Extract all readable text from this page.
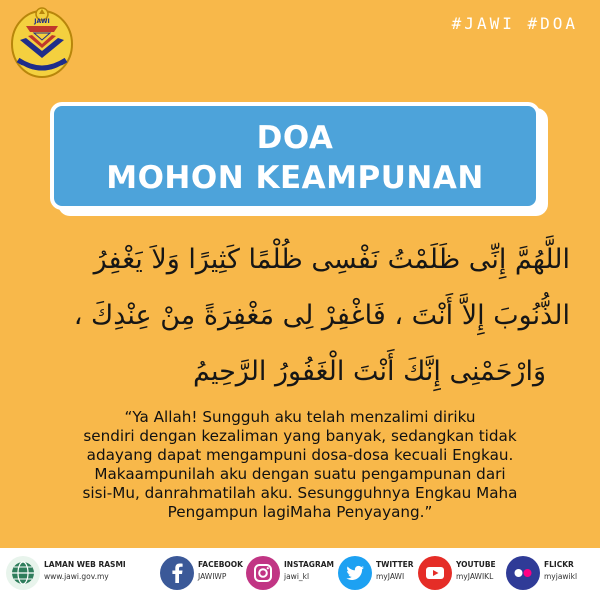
JAWI	#JAWI #DOA
DOA
MOHON KEAMPUNAN
اللَّهُمَّ إِنِّى ظَلَمْتُ نَفْسِى ظُلْمًا كَثِيرًا وَلاَ يَغْفِرُ
الذُّنُوبَ إِلاَّ أَنْتَ ، فَاغْفِرْ لِى مَغْفِرَةً مِنْ عِنْدِكَ ،
وَارْحَمْنِى إِنَّكَ أَنْتَ الْغَفُورُ الرَّحِيمُ
“Ya Allah! Sungguh aku telah menzalimi diriku
sendiri dengan kezaliman yang banyak, sedangkan tidak
adayang dapat mengampuni dosa-dosa kecuali Engkau.
Makaampunilah aku dengan suatu pengampunan dari
sisi-Mu, danrahmatilah aku. Sesungguhnya Engkau Maha
Pengampun lagiMaha Penyayang.”
LAMAN WEB RASMI
www.jawi.gov.my
FACEBOOK
JAWIWP
INSTAGRAM
jawi_kl
TWITTER
myJAWI
YOUTUBE
myJAWIKL
FLICKR
myjawikl
